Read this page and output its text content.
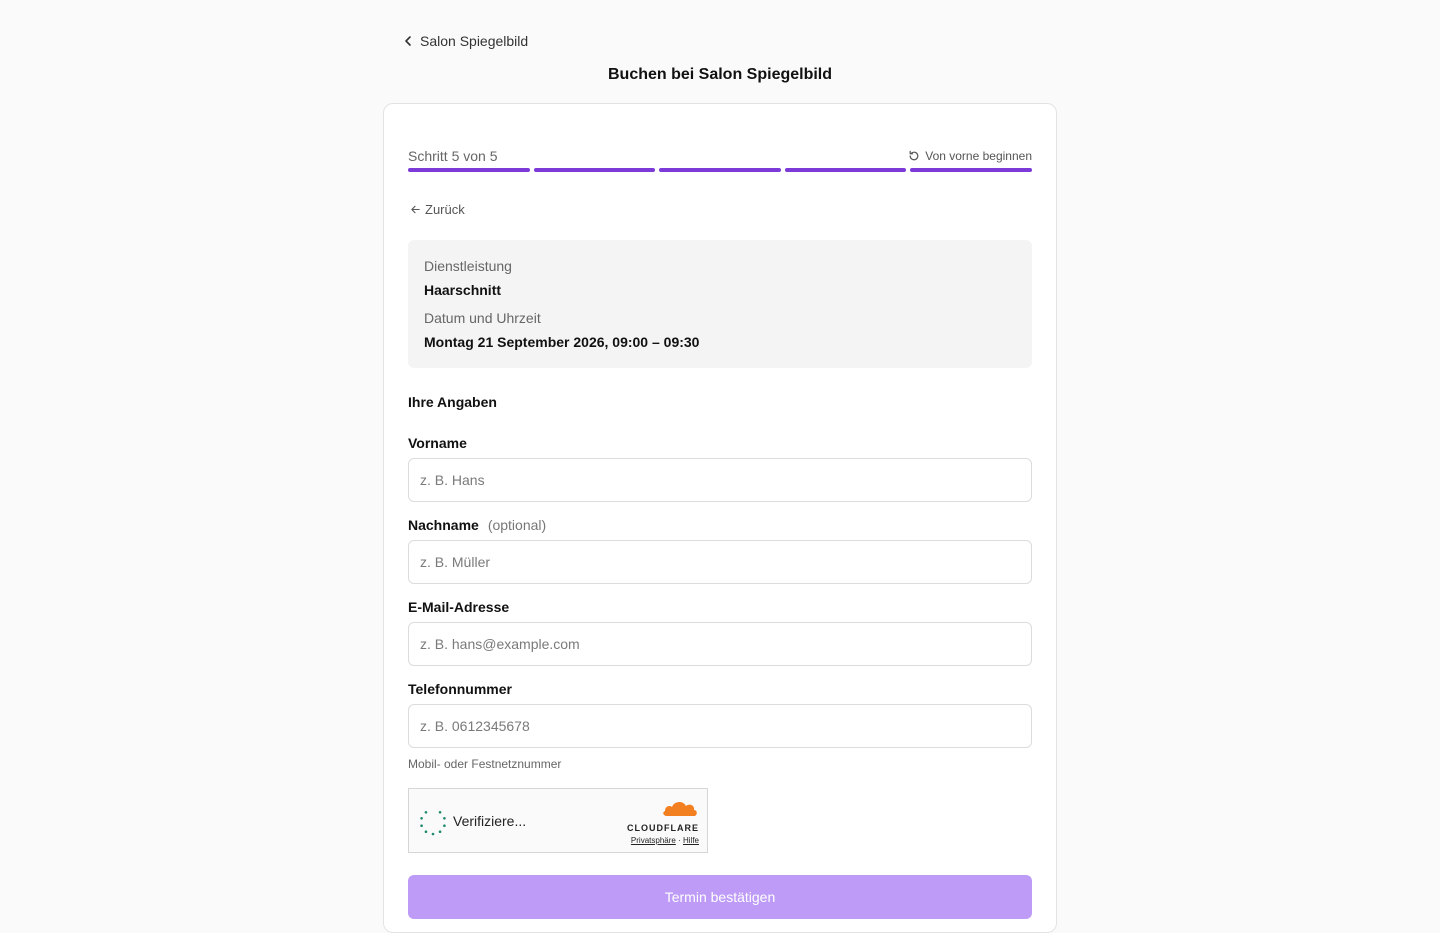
Salon Spiegelbild
Buchen bei Salon Spiegelbild
Schritt 5 von 5	Von vorne beginnen
Zurück
Dienstleistung
Haarschnitt
Datum und Uhrzeit
Montag 21 September 2026, 09:00 – 09:30
Ihre Angaben
Vorname
z. B. Hans
Nachname (optional)
z. B. Müller
E-Mail-Adresse
z. B. hans@example.com
Telefonnummer
z. B. 0612345678
Mobil- oder Festnetznummer
Verifiziere...	CLOUDFLARE
Privatsphäre · Hilfe
Termin bestätigen
